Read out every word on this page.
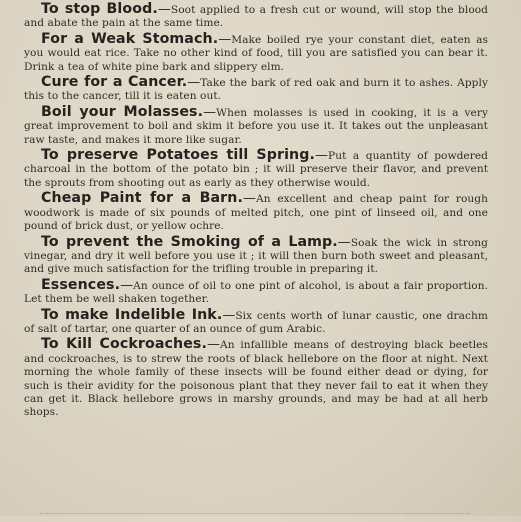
To stop Blood.—Soot applied to a fresh cut or wound, will stop the blood and abate the pain at the same time.

For a Weak Stomach.—Make boiled rye your constant diet, eaten as you would eat rice. Take no other kind of food, till you are satisfied you can bear it. Drink a tea of white pine bark and slippery elm.

Cure for a Cancer.—Take the bark of red oak and burn it to ashes. Apply this to the cancer, till it is eaten out.

Boil your Molasses.—When molasses is used in cooking, it is a very great improvement to boil and skim it before you use it. It takes out the unpleasant raw taste, and makes it more like sugar.

To preserve Potatoes till Spring.—Put a quantity of powdered charcoal in the bottom of the potato bin ; it will preserve their flavor, and prevent the sprouts from shooting out as early as they otherwise would.

Cheap Paint for a Barn.—An excellent and cheap paint for rough woodwork is made of six pounds of melted pitch, one pint of linseed oil, and one pound of brick dust, or yellow ochre.

To prevent the Smoking of a Lamp.—Soak the wick in strong vinegar, and dry it well before you use it ; it will then burn both sweet and pleasant, and give much satisfaction for the trifling trouble in preparing it.

Essences.—An ounce of oil to one pint of alcohol, is about a fair proportion. Let them be well shaken together.

To make Indelible Ink.—Six cents worth of lunar caustic, one drachm of salt of tartar, one quarter of an ounce of gum Arabic.

To Kill Cockroaches.—An infallible means of destroying black beetles and cockroaches, is to strew the roots of black hellebore on the floor at night. Next morning the whole family of these insects will be found either dead or dying, for such is their avidity for the poisonous plant that they never fail to eat it when they can get it. Black hellebore grows in marshy grounds, and may be had at all herb shops.
